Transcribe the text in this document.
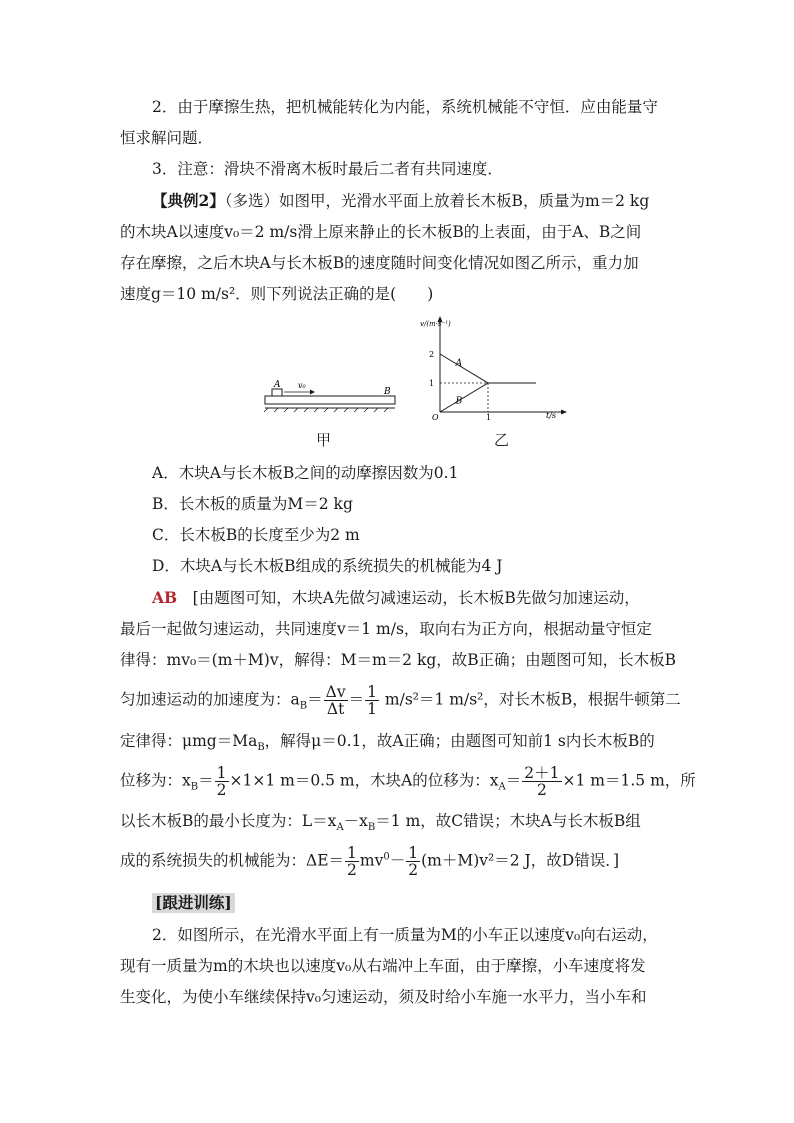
2．由于摩擦生热，把机械能转化为内能，系统机械能不守恒．应由能量守
恒求解问题．
3．注意：滑块不滑离木板时最后二者有共同速度．
【典例2】（多选）如图甲，光滑水平面上放着长木板B，质量为m＝2 kg
的木块A以速度v₀＝2 m/s滑上原来静止的长木板B的上表面，由于A、B之间
存在摩擦，之后木块A与长木板B的速度随时间变化情况如图乙所示，重力加
速度g＝10 m/s²．则下列说法正确的是(　　)
A v₀
B
甲
v/(m·s⁻¹)
t/s
O
2
1
1
A
B
乙
A．木块A与长木板B之间的动摩擦因数为0.1
B．长木板的质量为M＝2 kg
C．长木板B的长度至少为2 m
D．木块A与长木板B组成的系统损失的机械能为4 J
AB　 [由题图可知，木块A先做匀减速运动，长木板B先做匀加速运动，
最后一起做匀速运动，共同速度v＝1 m/s，取向右为正方向，根据动量守恒定
律得：mv₀＝(m＋M)v，解得：M＝m＝2 kg，故B正确；由题图可知，长木板B
匀加速运动的加速度为：$a_B= \frac{\Delta v}{\Delta t} = \frac{1}{1} m/s^2=1$ m/s²，对长木板B，根据牛顿第二
定律得：$\mu mg=Ma_B$，解得μ＝0.1，故A正确；由题图可知前1 s内长木板B的
位移为：$x_B= \frac{1}{2} \times 1\times 1$ m＝0.5 m，木块A的位移为：$x_A= \frac{2+1}{2} \times 1$ m＝1.5 m，所
以长木板B的最小长度为：$L=x_A-x_B=1$ m，故C错误；木块A与长木板B组
成的系统损失的机械能为：$\Delta E= \frac{1}{2} mv^0- \frac{1}{2} (m+M)v^2=2$ J，故D错误．]
[跟进训练]
2．如图所示，在光滑水平面上有一质量为M的小车正以速度v₀向右运动，
现有一质量为m的木块也以速度v₀从右端冲上车面，由于摩擦，小车速度将发
生变化，为使小车继续保持v₀匀速运动，须及时给小车施一水平力，当小车和
